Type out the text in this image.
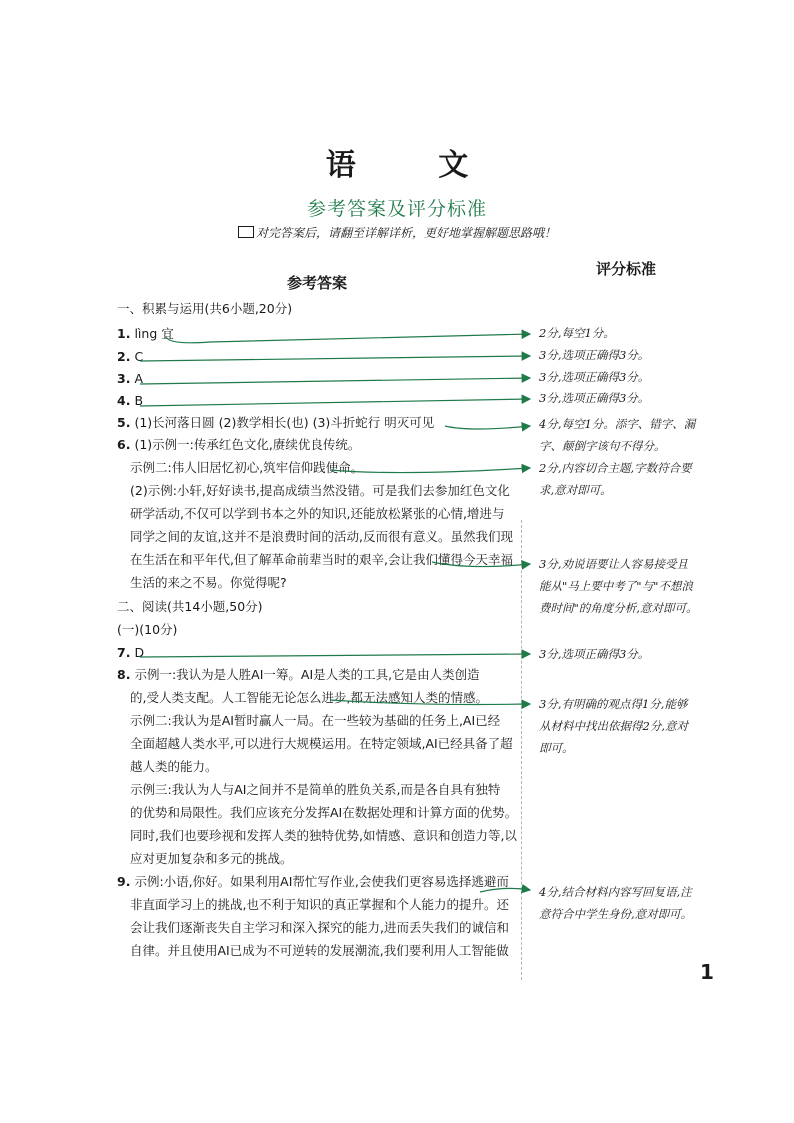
语 文
参考答案及评分标准
对完答案后，请翻至详解详析，更好地掌握解题思路哦！
参考答案
评分标准
一、积累与运用(共6小题,20分)
1. lìng 宜
2. C
3. A
4. B
5. (1)长河落日圆 (2)教学相长(也) (3)斗折蛇行 明灭可见
6. (1)示例一:传承红色文化,赓续优良传统。
示例二:伟人旧居忆初心,筑牢信仰践使命。
(2)示例:小轩,好好读书,提高成绩当然没错。可是我们去参加红色文化
研学活动,不仅可以学到书本之外的知识,还能放松紧张的心情,增进与
同学之间的友谊,这并不是浪费时间的活动,反而很有意义。虽然我们现
在生活在和平年代,但了解革命前辈当时的艰辛,会让我们懂得今天幸福
生活的来之不易。你觉得呢?
二、阅读(共14小题,50分)
(一)(10分)
7. D
8. 示例一:我认为是人胜AI一筹。AI是人类的工具,它是由人类创造
的,受人类支配。人工智能无论怎么进步,都无法感知人类的情感。
示例二:我认为是AI暂时赢人一局。在一些较为基础的任务上,AI已经
全面超越人类水平,可以进行大规模运用。在特定领域,AI已经具备了超
越人类的能力。
示例三:我认为人与AI之间并不是简单的胜负关系,而是各自具有独特
的优势和局限性。我们应该充分发挥AI在数据处理和计算方面的优势。
同时,我们也要珍视和发挥人类的独特优势,如情感、意识和创造力等,以
应对更加复杂和多元的挑战。
9. 示例:小语,你好。如果利用AI帮忙写作业,会使我们更容易选择逃避而
非直面学习上的挑战,也不利于知识的真正掌握和个人能力的提升。还
会让我们逐渐丧失自主学习和深入探究的能力,进而丢失我们的诚信和
自律。并且使用AI已成为不可逆转的发展潮流,我们要利用人工智能做
2分,每空1分。
3分,选项正确得3分。
3分,选项正确得3分。
3分,选项正确得3分。
4分,每空1分。添字、错字、漏
字、颠倒字该句不得分。
2分,内容切合主题,字数符合要
求,意对即可。
3分,劝说语要让人容易接受且
能从"马上要中考了"与"不想浪
费时间"的角度分析,意对即可。
3分,选项正确得3分。
3分,有明确的观点得1分,能够
从材料中找出依据得2分,意对
即可。
4分,结合材料内容写回复语,注
意符合中学生身份,意对即可。
1
